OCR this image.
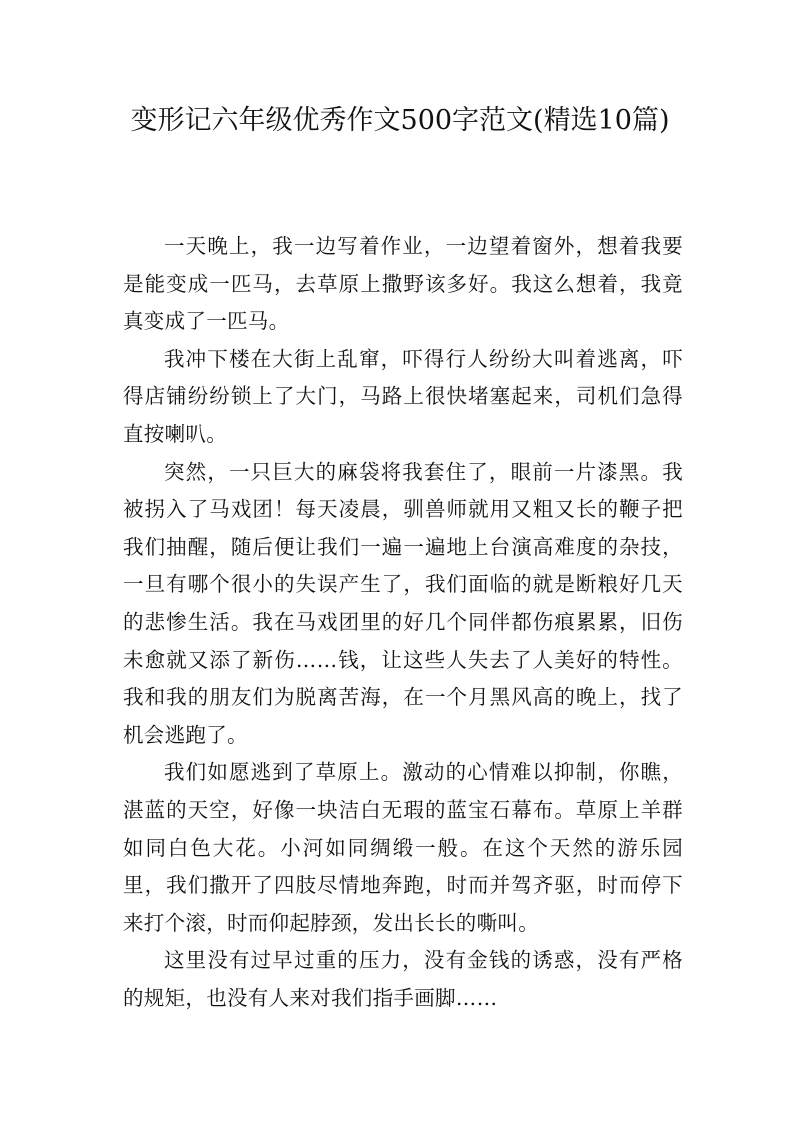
变形记六年级优秀作文500字范文(精选10篇)

一天晚上，我一边写着作业，一边望着窗外，想着我要是能变成一匹马，去草原上撒野该多好。我这么想着，我竟真变成了一匹马。

我冲下楼在大街上乱窜，吓得行人纷纷大叫着逃离，吓得店铺纷纷锁上了大门，马路上很快堵塞起来，司机们急得直按喇叭。

突然，一只巨大的麻袋将我套住了，眼前一片漆黑。我被拐入了马戏团！每天凌晨，驯兽师就用又粗又长的鞭子把我们抽醒，随后便让我们一遍一遍地上台演高难度的杂技，一旦有哪个很小的失误产生了，我们面临的就是断粮好几天的悲惨生活。我在马戏团里的好几个同伴都伤痕累累，旧伤未愈就又添了新伤……钱，让这些人失去了人美好的特性。我和我的朋友们为脱离苦海，在一个月黑风高的晚上，找了机会逃跑了。

我们如愿逃到了草原上。激动的心情难以抑制，你瞧，湛蓝的天空，好像一块洁白无瑕的蓝宝石幕布。草原上羊群如同白色大花。小河如同绸缎一般。在这个天然的游乐园里，我们撒开了四肢尽情地奔跑，时而并驾齐驱，时而停下来打个滚，时而仰起脖颈，发出长长的嘶叫。

这里没有过早过重的压力，没有金钱的诱惑，没有严格的规矩，也没有人来对我们指手画脚……
